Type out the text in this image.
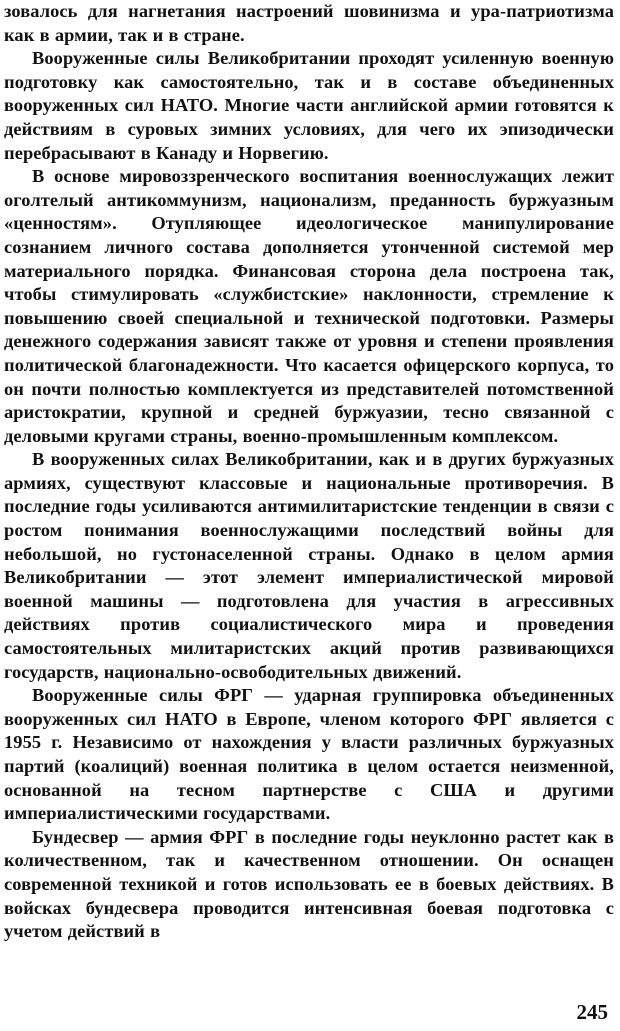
зовалось для нагнетания настроений шовинизма и ура-патриотизма как в армии, так и в стране.

Вооруженные силы Великобритании проходят усиленную военную подготовку как самостоятельно, так и в составе объединенных вооруженных сил НАТО. Многие части английской армии готовятся к действиям в суровых зимних условиях, для чего их эпизодически перебрасывают в Канаду и Норвегию.

В основе мировоззренческого воспитания военнослужащих лежит оголтелый антикоммунизм, национализм, преданность буржуазным «ценностям». Отупляющее идеологическое манипулирование сознанием личного состава дополняется утонченной системой мер материального порядка. Финансовая сторона дела построена так, чтобы стимулировать «службистские» наклонности, стремление к повышению своей специальной и технической подготовки. Размеры денежного содержания зависят также от уровня и степени проявления политической благонадежности. Что касается офицерского корпуса, то он почти полностью комплектуется из представителей потомственной аристократии, крупной и средней буржуазии, тесно связанной с деловыми кругами страны, военно-промышленным комплексом.

В вооруженных силах Великобритании, как и в других буржуазных армиях, существуют классовые и национальные противоречия. В последние годы усиливаются антимилитаристские тенденции в связи с ростом понимания военнослужащими последствий войны для небольшой, но густонаселенной страны. Однако в целом армия Великобритании — этот элемент империалистической мировой военной машины — подготовлена для участия в агрессивных действиях против социалистического мира и проведения самостоятельных милитаристских акций против развивающихся государств, национально-освободительных движений.

Вооруженные силы ФРГ — ударная группировка объединенных вооруженных сил НАТО в Европе, членом которого ФРГ является с 1955 г. Независимо от нахождения у власти различных буржуазных партий (коалиций) военная политика в целом остается неизменной, основанной на тесном партнерстве с США и другими империалистическими государствами.

Бундесвер — армия ФРГ в последние годы неуклонно растет как в количественном, так и качественном отношении. Он оснащен современной техникой и готов использовать ее в боевых действиях. В войсках бундесвера проводится интенсивная боевая подготовка с учетом действий в

245
